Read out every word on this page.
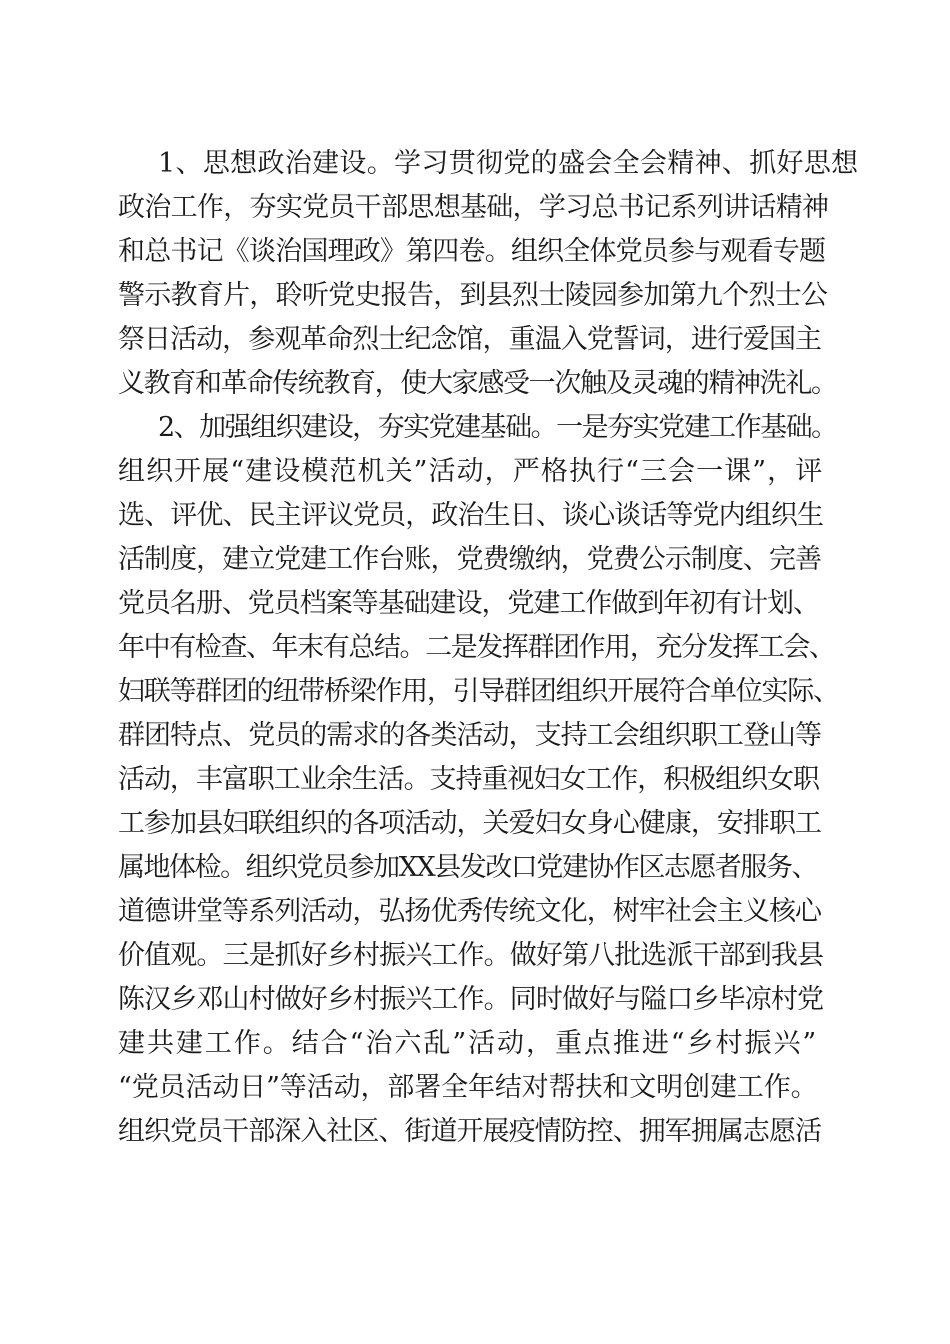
1、思想政治建设。学习贯彻党的盛会全会精神、抓好思想
政治工作，夯实党员干部思想基础，学习总书记系列讲话精神
和总书记《谈治国理政》第四卷。组织全体党员参与观看专题
警示教育片，聆听党史报告，到县烈士陵园参加第九个烈士公
祭日活动，参观革命烈士纪念馆，重温入党誓词，进行爱国主
义教育和革命传统教育，使大家感受一次触及灵魂的精神洗礼。
2、加强组织建设，夯实党建基础。一是夯实党建工作基础。
组织开展“建设模范机关”活动，严格执行“三会一课”，评
选、评优、民主评议党员，政治生日、谈心谈话等党内组织生
活制度，建立党建工作台账，党费缴纳，党费公示制度、完善
党员名册、党员档案等基础建设，党建工作做到年初有计划、
年中有检查、年末有总结。二是发挥群团作用，充分发挥工会、
妇联等群团的纽带桥梁作用，引导群团组织开展符合单位实际、
群团特点、党员的需求的各类活动，支持工会组织职工登山等
活动，丰富职工业余生活。支持重视妇女工作，积极组织女职
工参加县妇联组织的各项活动，关爱妇女身心健康，安排职工
属地体检。组织党员参加XX县发改口党建协作区志愿者服务、
道德讲堂等系列活动，弘扬优秀传统文化，树牢社会主义核心
价值观。三是抓好乡村振兴工作。做好第八批选派干部到我县
陈汉乡邓山村做好乡村振兴工作。同时做好与隘口乡毕凉村党
建共建工作。结合“治六乱”活动，重点推进“乡村振兴”
“党员活动日”等活动，部署全年结对帮扶和文明创建工作。
组织党员干部深入社区、街道开展疫情防控、拥军拥属志愿活
